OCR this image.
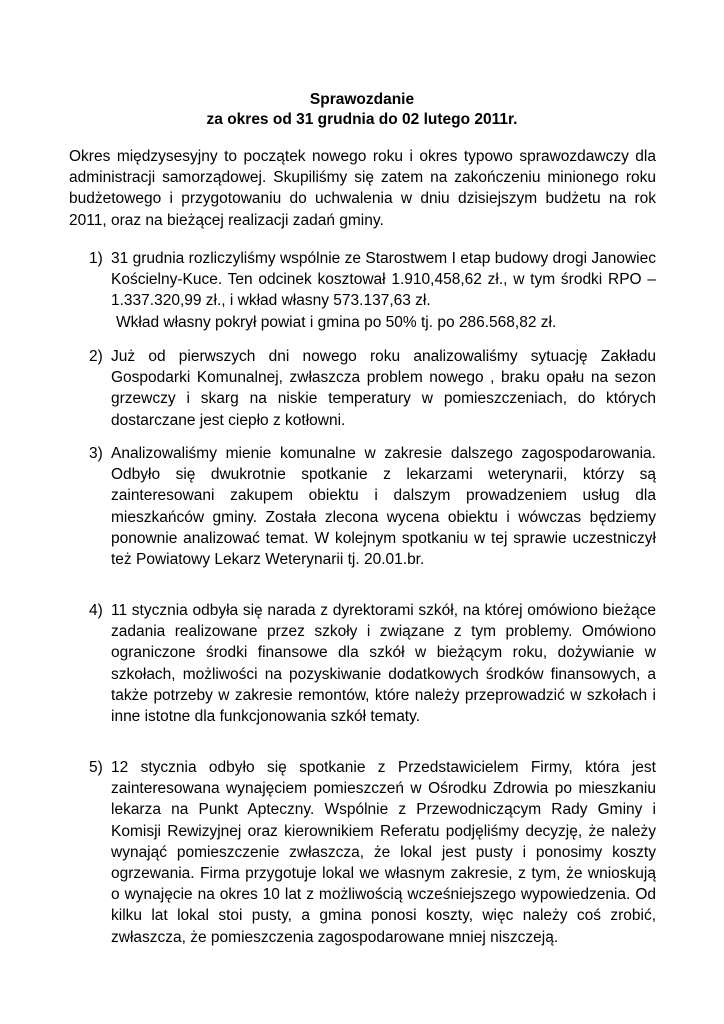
Sprawozdanie
za okres od 31 grudnia do 02 lutego 2011r.

Okres międzysesyjny to początek nowego roku i okres typowo sprawozdawczy dla administracji samorządowej. Skupiliśmy się zatem na zakończeniu minionego roku budżetowego i przygotowaniu do uchwalenia w dniu dzisiejszym budżetu na rok 2011, oraz na bieżącej realizacji zadań gminy.

1) 31 grudnia rozliczyliśmy wspólnie ze Starostwem I etap budowy drogi Janowiec Kościelny-Kuce. Ten odcinek kosztował 1.910,458,62 zł., w tym środki RPO – 1.337.320,99 zł., i wkład własny 573.137,63 zł.

Wkład własny pokrył powiat i gmina po 50% tj. po 286.568,82 zł.

2) Już od pierwszych dni nowego roku analizowaliśmy sytuację Zakładu Gospodarki Komunalnej, zwłaszcza problem nowego , braku opału na sezon grzewczy i skarg na niskie temperatury w pomieszczeniach, do których dostarczane jest ciepło z kotłowni.

3) Analizowaliśmy mienie komunalne w zakresie dalszego zagospodarowania. Odbyło się dwukrotnie spotkanie z lekarzami weterynarii, którzy są zainteresowani zakupem obiektu i dalszym prowadzeniem usług dla mieszkańców gminy. Została zlecona wycena obiektu i wówczas będziemy ponownie analizować temat. W kolejnym spotkaniu w tej sprawie uczestniczył też Powiatowy Lekarz Weterynarii tj. 20.01.br.

4) 11 stycznia odbyła się narada z dyrektorami szkół, na której omówiono bieżące zadania realizowane przez szkoły i związane z tym problemy. Omówiono ograniczone środki finansowe dla szkół w bieżącym roku, dożywianie w szkołach, możliwości na pozyskiwanie dodatkowych środków finansowych, a także potrzeby w zakresie remontów, które należy przeprowadzić w szkołach i inne istotne dla funkcjonowania szkół tematy.

5) 12 stycznia odbyło się spotkanie z Przedstawicielem Firmy, która jest zainteresowana wynajęciem pomieszczeń w Ośrodku Zdrowia po mieszkaniu lekarza na Punkt Apteczny. Wspólnie z Przewodniczącym Rady Gminy i Komisji Rewizyjnej oraz kierownikiem Referatu podjęliśmy decyzję, że należy wynająć pomieszczenie zwłaszcza, że lokal jest pusty i ponosimy koszty ogrzewania. Firma przygotuje lokal we własnym zakresie, z tym, że wnioskują o wynajęcie na okres 10 lat z możliwością wcześniejszego wypowiedzenia. Od kilku lat lokal stoi pusty, a gmina ponosi koszty, więc należy coś zrobić, zwłaszcza, że pomieszczenia zagospodarowane mniej niszczeją.
